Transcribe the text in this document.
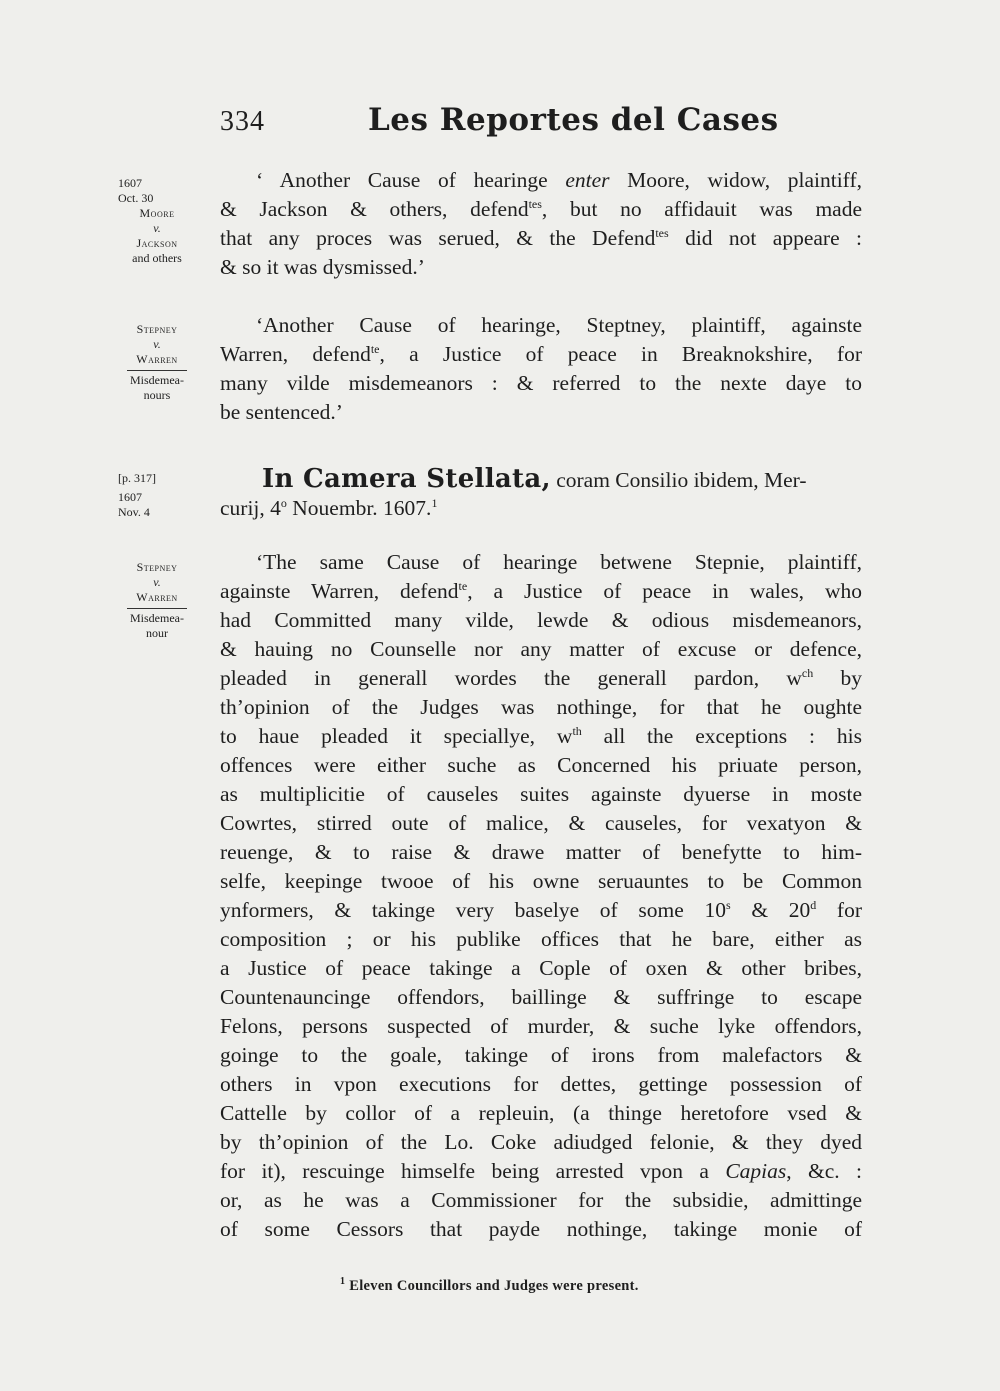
334	Les Reportes del Cases
1607
Oct. 30
Moore
v.
Jackson
and others
Stepney
v.
Warren
Misdemea-
nours
[p. 317]
1607
Nov. 4
Stepney
v.
Warren
Misdemea-
nour
‘ Another Cause of hearinge enter Moore, widow, plaintiff,
& Jackson & others, defend$^{tes}$, but no affidauit was made
that any proces was serued, & the Defend$^{tes}$ did not appeare :
& so it was dysmissed.’
‘Another Cause of hearinge, Steptney, plaintiff, againste
Warren, defend$^{te}$, a Justice of peace in Breaknokshire, for
many vilde misdemeanors : & referred to the nexte daye to
be sentenced.’
In Camera Stellata, coram Consilio ibidem, Mer-
curij, 4$^o$ Nouembr. 1607.$^1$
‘The same Cause of hearinge betwene Stepnie, plaintiff,
againste Warren, defend$^{te}$, a Justice of peace in wales, who
had Committed many vilde, lewde & odious misdemeanors,
& hauing no Counselle nor any matter of excuse or defence,
pleaded in generall wordes the generall pardon, $w^{ch}$ by
th’opinion of the Judges was nothinge, for that he oughte
to haue pleaded it speciallye, $w^{th}$ all the exceptions : his
offences were either suche as Concerned his priuate person,
as multiplicitie of causeles suites againste dyuerse in moste
Cowrtes, stirred oute of malice, & causeles, for vexatyon &
reuenge, & to raise & drawe matter of benefytte to him-
selfe, keepinge twooe of his owne seruauntes to be Common
ynformers, & takinge very baselye of some 10$^s$ & 20$^d$ for
composition ; or his publike offices that he bare, either as
a Justice of peace takinge a Cople of oxen & other bribes,
Countenauncinge offendors, baillinge & suffringe to escape
Felons, persons suspected of murder, & suche lyke offendors,
goinge to the goale, takinge of irons from malefactors &
others in vpon executions for dettes, gettinge possession of
Cattelle by collor of a repleuin, (a thinge heretofore vsed &
by th’opinion of the Lo. Coke adiudged felonie, & they dyed
for it), rescuinge himselfe being arrested vpon a Capias, &c. :
or, as he was a Commissioner for the subsidie, admittinge
of some Cessors that payde nothinge, takinge monie of
$^1$ Eleven Councillors and Judges were present.
